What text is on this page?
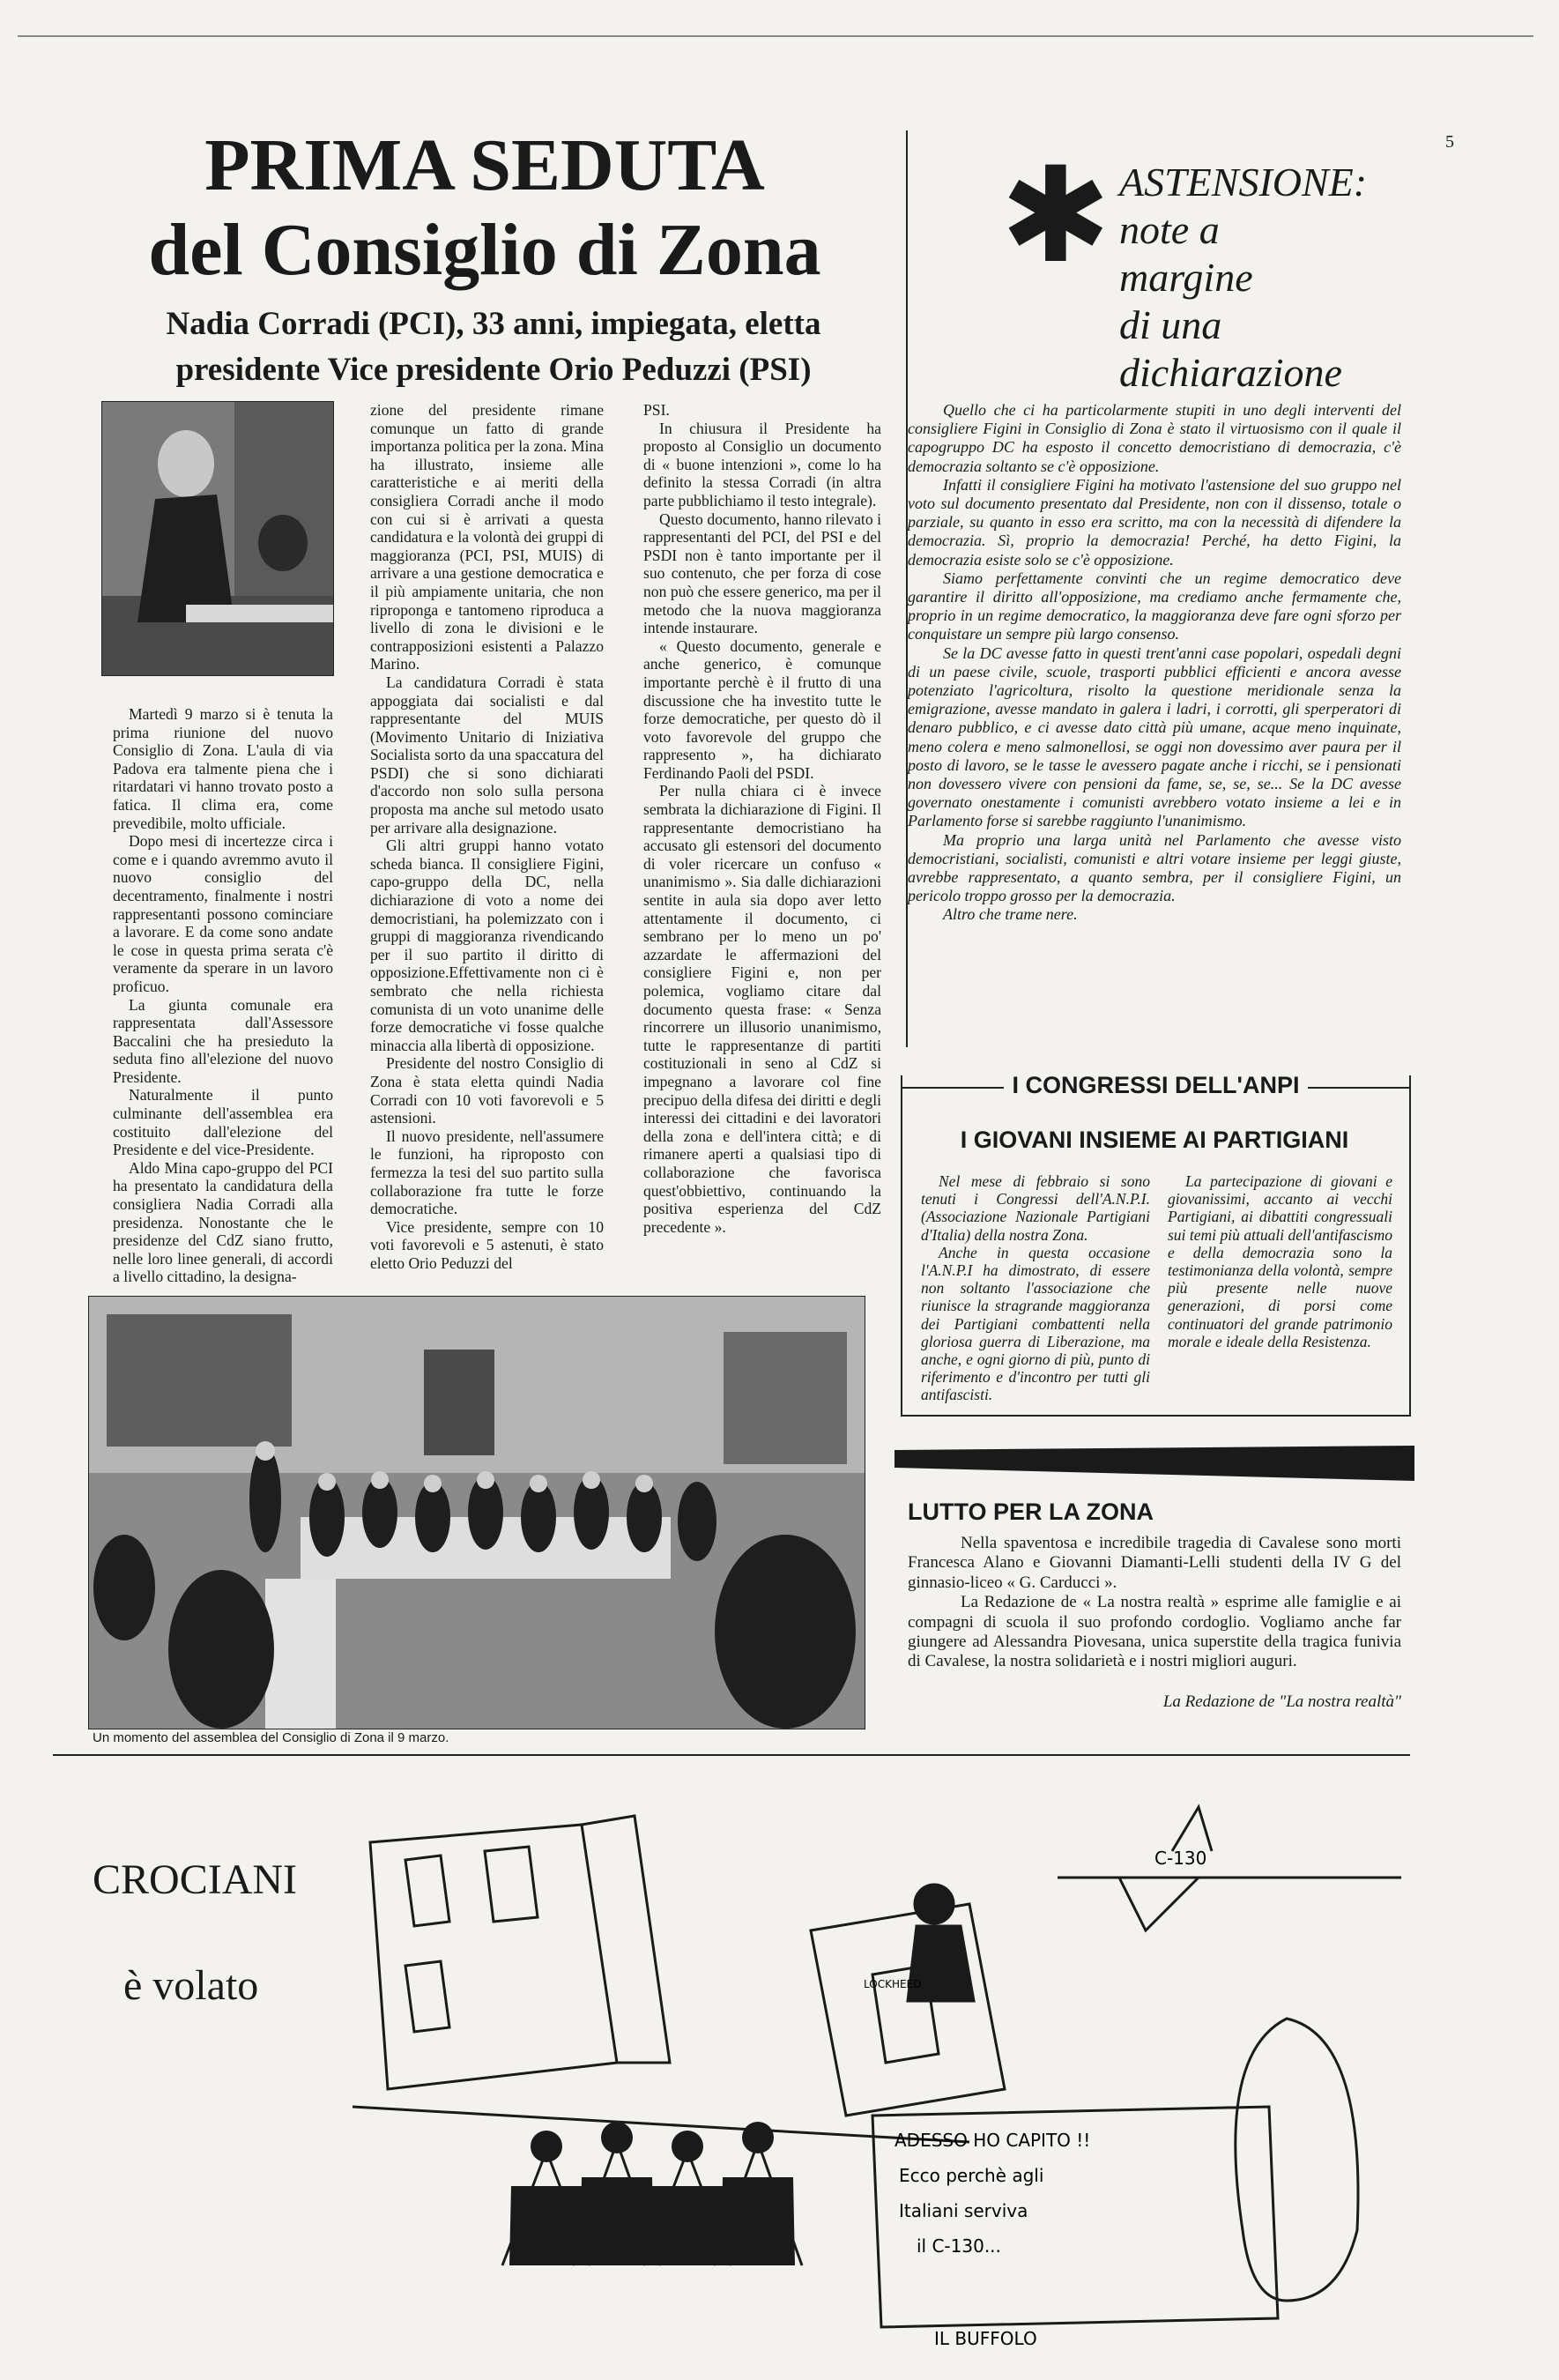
5
PRIMA SEDUTA
del Consiglio di Zona
Nadia Corradi (PCI), 33 anni, impiegata, eletta
presidente Vice presidente Orio Peduzzi (PSI)

Martedì 9 marzo si è tenuta la prima riunione del nuovo Consiglio di Zona. L'aula di via Padova era talmente piena che i ritardatari vi hanno trovato posto a fatica. Il clima era, come prevedibile, molto ufficiale.

Dopo mesi di incertezze circa i come e i quando avremmo avuto il nuovo consiglio del decentramento, finalmente i nostri rappresentanti possono cominciare a lavorare. E da come sono andate le cose in questa prima serata c'è veramente da sperare in un lavoro proficuo.

La giunta comunale era rappresentata dall'Assessore Baccalini che ha presieduto la seduta fino all'elezione del nuovo Presidente.

Naturalmente il punto culminante dell'assemblea era costituito dall'elezione del Presidente e del vice-Presidente.

Aldo Mina capo-gruppo del PCI ha presentato la candidatura della consigliera Nadia Corradi alla presidenza. Nonostante che le presidenze del CdZ siano frutto, nelle loro linee generali, di accordi a livello cittadino, la designa-

zione del presidente rimane comunque un fatto di grande importanza politica per la zona. Mina ha illustrato, insieme alle caratteristiche e ai meriti della consigliera Corradi anche il modo con cui si è arrivati a questa candidatura e la volontà dei gruppi di maggioranza (PCI, PSI, MUIS) di arrivare a una gestione democratica e il più ampiamente unitaria, che non riproponga e tantomeno riproduca a livello di zona le divisioni e le contrapposizioni esistenti a Palazzo Marino.

La candidatura Corradi è stata appoggiata dai socialisti e dal rappresentante del MUIS (Movimento Unitario di Iniziativa Socialista sorto da una spaccatura del PSDI) che si sono dichiarati d'accordo non solo sulla persona proposta ma anche sul metodo usato per arrivare alla designazione.

Gli altri gruppi hanno votato scheda bianca. Il consigliere Figini, capo-gruppo della DC, nella dichiarazione di voto a nome dei democristiani, ha polemizzato con i gruppi di maggioranza rivendicando per il suo partito il diritto di opposizione.Effettivamente non ci è sembrato che nella richiesta comunista di un voto unanime delle forze democratiche vi fosse qualche minaccia alla libertà di opposizione.

Presidente del nostro Consiglio di Zona è stata eletta quindi Nadia Corradi con 10 voti favorevoli e 5 astensioni.

Il nuovo presidente, nell'assumere le funzioni, ha riproposto con fermezza la tesi del suo partito sulla collaborazione fra tutte le forze democratiche.

Vice presidente, sempre con 10 voti favorevoli e 5 astenuti, è stato eletto Orio Peduzzi del

PSI.

In chiusura il Presidente ha proposto al Consiglio un documento di « buone intenzioni », come lo ha definito la stessa Corradi (in altra parte pubblichiamo il testo integrale).

Questo documento, hanno rilevato i rappresentanti del PCI, del PSI e del PSDI non è tanto importante per il suo contenuto, che per forza di cose non può che essere generico, ma per il metodo che la nuova maggioranza intende instaurare.

« Questo documento, generale e anche generico, è comunque importante perchè è il frutto di una discussione che ha investito tutte le forze democratiche, per questo dò il voto favorevole del gruppo che rappresento », ha dichiarato Ferdinando Paoli del PSDI.

Per nulla chiara ci è invece sembrata la dichiarazione di Figini. Il rappresentante democristiano ha accusato gli estensori del documento di voler ricercare un confuso « unanimismo ». Sia dalle dichiarazioni sentite in aula sia dopo aver letto attentamente il documento, ci sembrano per lo meno un po' azzardate le affermazioni del consigliere Figini e, non per polemica, vogliamo citare dal documento questa frase: « Senza rincorrere un illusorio unanimismo, tutte le rappresentanze di partiti costituzionali in seno al CdZ si impegnano a lavorare col fine precipuo della difesa dei diritti e degli interessi dei cittadini e dei lavoratori della zona e dell'intera città; e di rimanere aperti a qualsiasi tipo di collaborazione che favorisca quest'obbiettivo, continuando la positiva esperienza del CdZ precedente ».

Un momento del assemblea del Consiglio di Zona il 9 marzo.
✱ ASTENSIONE:
note a
margine
di una
dichiarazione

Quello che ci ha particolarmente stupiti in uno degli interventi del consigliere Figini in Consiglio di Zona è stato il virtuosismo con il quale il capogruppo DC ha esposto il concetto democristiano di democrazia, c'è democrazia soltanto se c'è opposizione.

Infatti il consigliere Figini ha motivato l'astensione del suo gruppo nel voto sul documento presentato dal Presidente, non con il dissenso, totale o parziale, su quanto in esso era scritto, ma con la necessità di difendere la democrazia. Sì, proprio la democrazia! Perché, ha detto Figini, la democrazia esiste solo se c'è opposizione.

Siamo perfettamente convinti che un regime democratico deve garantire il diritto all'opposizione, ma crediamo anche fermamente che, proprio in un regime democratico, la maggioranza deve fare ogni sforzo per conquistare un sempre più largo consenso.

Se la DC avesse fatto in questi trent'anni case popolari, ospedali degni di un paese civile, scuole, trasporti pubblici efficienti e ancora avesse potenziato l'agricoltura, risolto la questione meridionale senza la emigrazione, avesse mandato in galera i ladri, i corrotti, gli sperperatori di denaro pubblico, e ci avesse dato città più umane, acque meno inquinate, meno colera e meno salmonellosi, se oggi non dovessimo aver paura per il posto di lavoro, se le tasse le avessero pagate anche i ricchi, se i pensionati non dovessero vivere con pensioni da fame, se, se, se... Se la DC avesse governato onestamente i comunisti avrebbero votato insieme a lei e in Parlamento forse si sarebbe raggiunto l'unanimismo.

Ma proprio una larga unità nel Parlamento che avesse visto democristiani, socialisti, comunisti e altri votare insieme per leggi giuste, avrebbe rappresentato, a quanto sembra, per il consigliere Figini, un pericolo troppo grosso per la democrazia.

Altro che trame nere.

I CONGRESSI DELL'ANPI
I GIOVANI INSIEME AI PARTIGIANI

Nel mese di febbraio si sono tenuti i Congressi dell'A.N.P.I. (Associazione Nazionale Partigiani d'Italia) della nostra Zona.

Anche in questa occasione l'A.N.P.I ha dimostrato, di essere non soltanto l'associazione che riunisce la stragrande maggioranza dei Partigiani combattenti nella gloriosa guerra di Liberazione, ma anche, e ogni giorno di più, punto di riferimento e d'incontro per tutti gli antifascisti.

La partecipazione di giovani e giovanissimi, accanto ai vecchi Partigiani, ai dibattiti congressuali sui temi più attuali dell'antifascismo e della democrazia sono la testimonianza della volontà, sempre più presente nelle nuove generazioni, di porsi come continuatori del grande patrimonio morale e ideale della Resistenza.

LUTTO PER LA ZONA

Nella spaventosa e incredibile tragedia di Cavalese sono morti Francesca Alano e Giovanni Diamanti-Lelli studenti della IV G del ginnasio-liceo « G. Carducci ».

La Redazione de « La nostra realtà » esprime alle famiglie e ai compagni di scuola il suo profondo cordoglio. Vogliamo anche far giungere ad Alessandra Piovesana, unica superstite della tragica funivia di Cavalese, la nostra solidarietà e i nostri migliori auguri.

La Redazione de "La nostra realtà"
CROCIANI
è volato
C-130
LOCKHEED
ADESSO HO CAPITO !!
Ecco perchè agli
Italiani serviva
il C-130...
IL BUFFOLO
